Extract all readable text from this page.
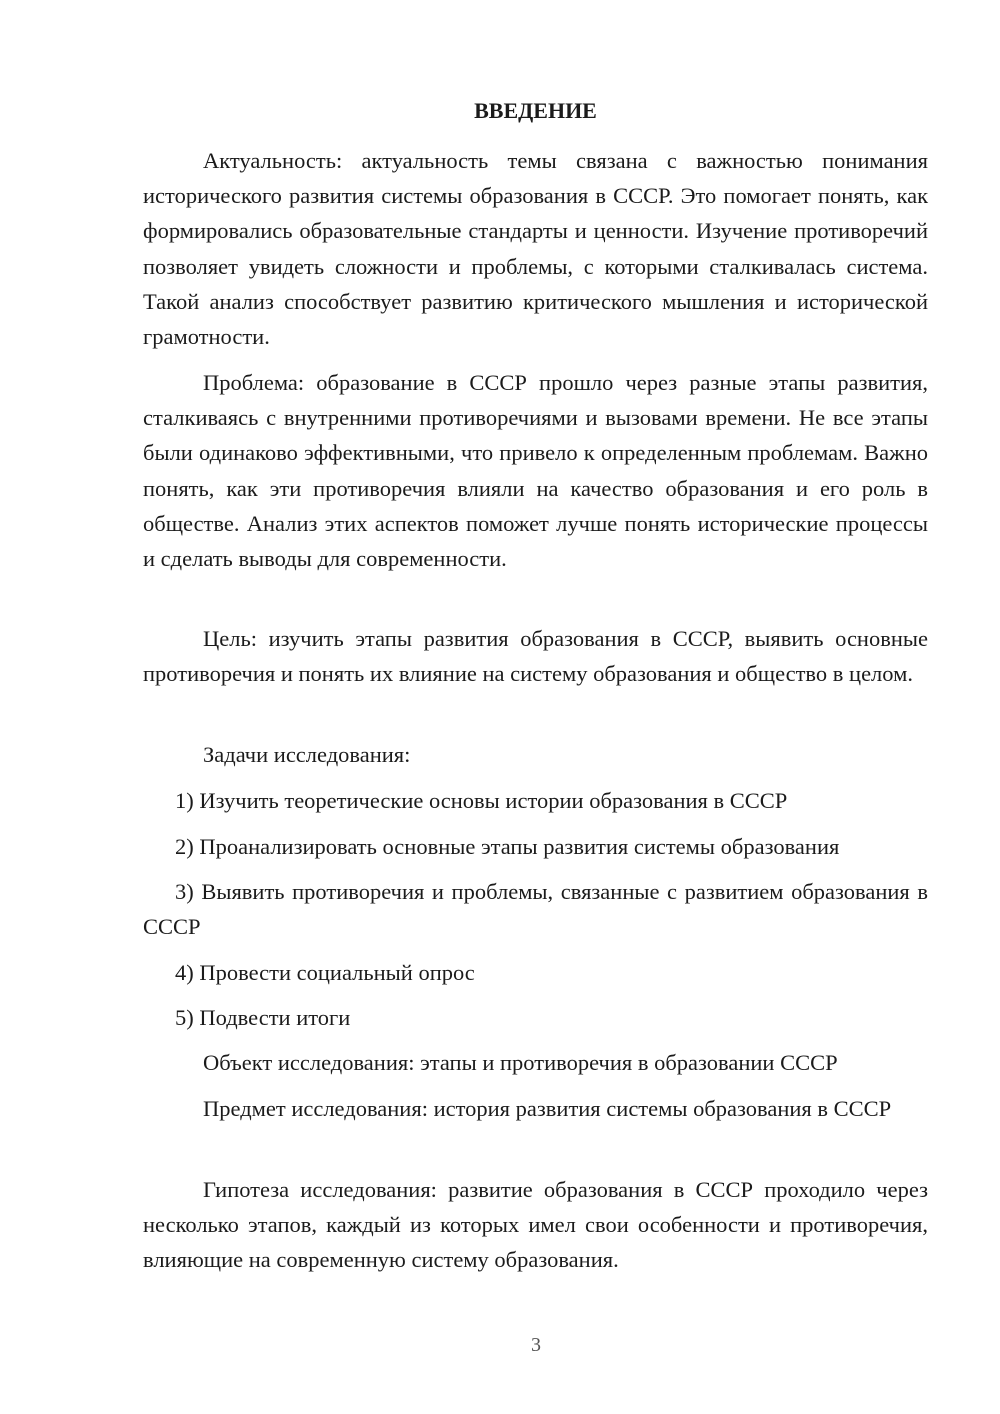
ВВЕДЕНИЕ

Актуальность: актуальность темы связана с важностью понимания исторического развития системы образования в СССР. Это помогает понять, как формировались образовательные стандарты и ценности. Изучение противоречий позволяет увидеть сложности и проблемы, с которыми сталкивалась система. Такой анализ способствует развитию критического мышления и исторической грамотности.

Проблема: образование в СССР прошло через разные этапы развития, сталкиваясь с внутренними противоречиями и вызовами времени. Не все этапы были одинаково эффективными, что привело к определенным проблемам. Важно понять, как эти противоречия влияли на качество образования и его роль в обществе. Анализ этих аспектов поможет лучше понять исторические процессы и сделать выводы для современности.

Цель: изучить этапы развития образования в СССР, выявить основные противоречия и понять их влияние на систему образования и общество в целом.

Задачи исследования:

1) Изучить теоретические основы истории образования в СССР

2) Проанализировать основные этапы развития системы образования

3) Выявить противоречия и проблемы, связанные с развитием образования в СССР

4) Провести социальный опрос

5) Подвести итоги

Объект исследования: этапы и противоречия в образовании СССР

Предмет исследования: история развития системы образования в СССР

Гипотеза исследования: развитие образования в СССР проходило через несколько этапов, каждый из которых имел свои особенности и противоречия, влияющие на современную систему образования.

3
